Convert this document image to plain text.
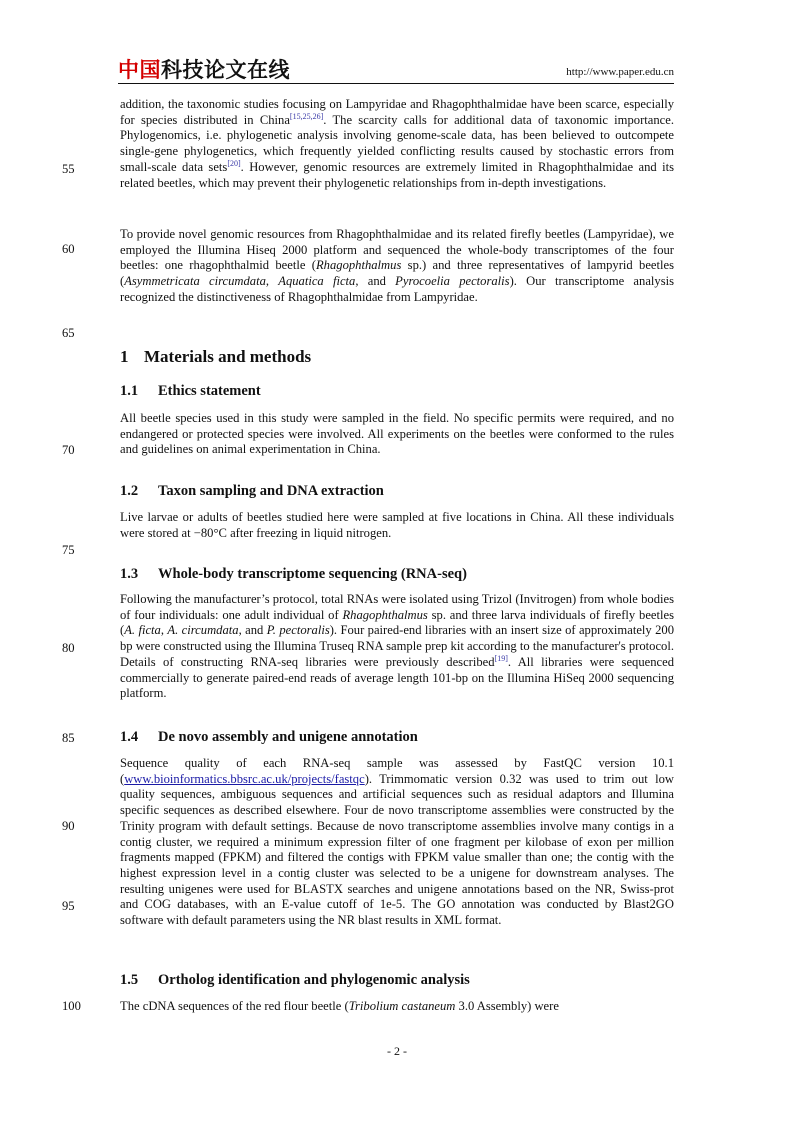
中国科技论文在线	http://www.paper.edu.cn
55
60
65
70
75
80
85
90
95
100
addition, the taxonomic studies focusing on Lampyridae and Rhagophthalmidae have been scarce, especially for species distributed in China[15,25,26]. The scarcity calls for additional data of taxonomic importance. Phylogenomics, i.e. phylogenetic analysis involving genome-scale data, has been believed to outcompete single-gene phylogenetics, which frequently yielded conflicting results caused by stochastic errors from small-scale data sets[20]. However, genomic resources are extremely limited in Rhagophthalmidae and its related beetles, which may prevent their phylogenetic relationships from in-depth investigations.
To provide novel genomic resources from Rhagophthalmidae and its related firefly beetles (Lampyridae), we employed the Illumina Hiseq 2000 platform and sequenced the whole-body transcriptomes of the four beetles: one rhagophthalmid beetle (Rhagophthalmus sp.) and three representatives of lampyrid beetles (Asymmetricata circumdata, Aquatica ficta, and Pyrocoelia pectoralis). Our transcriptome analysis recognized the distinctiveness of Rhagophthalmidae from Lampyridae.
1 Materials and methods
1.1 Ethics statement
All beetle species used in this study were sampled in the field. No specific permits were required, and no endangered or protected species were involved. All experiments on the beetles were conformed to the rules and guidelines on animal experimentation in China.
1.2 Taxon sampling and DNA extraction
Live larvae or adults of beetles studied here were sampled at five locations in China. All these individuals were stored at −80°C after freezing in liquid nitrogen.
1.3 Whole-body transcriptome sequencing (RNA-seq)
Following the manufacturer’s protocol, total RNAs were isolated using Trizol (Invitrogen) from whole bodies of four individuals: one adult individual of Rhagophthalmus sp. and three larva individuals of firefly beetles (A. ficta, A. circumdata, and P. pectoralis). Four paired-end libraries with an insert size of approximately 200 bp were constructed using the Illumina Truseq RNA sample prep kit according to the manufacturer's protocol. Details of constructing RNA-seq libraries were previously described[19]. All libraries were sequenced commercially to generate paired-end reads of average length 101-bp on the Illumina HiSeq 2000 sequencing platform.
1.4 De novo assembly and unigene annotation
Sequence quality of each RNA-seq sample was assessed by FastQC version 10.1 (www.bioinformatics.bbsrc.ac.uk/projects/fastqc). Trimmomatic version 0.32 was used to trim out low quality sequences, ambiguous sequences and artificial sequences such as residual adaptors and Illumina specific sequences as described elsewhere. Four de novo transcriptome assemblies were constructed by the Trinity program with default settings. Because de novo transcriptome assemblies involve many contigs in a contig cluster, we required a minimum expression filter of one fragment per kilobase of exon per million fragments mapped (FPKM) and filtered the contigs with FPKM value smaller than one; the contig with the highest expression level in a contig cluster was selected to be a unigene for downstream analyses. The resulting unigenes were used for BLASTX searches and unigene annotations based on the NR, Swiss-prot and COG databases, with an E-value cutoff of 1e-5. The GO annotation was conducted by Blast2GO software with default parameters using the NR blast results in XML format.
1.5 Ortholog identification and phylogenomic analysis
The cDNA sequences of the red flour beetle (Tribolium castaneum 3.0 Assembly) were
- 2 -
